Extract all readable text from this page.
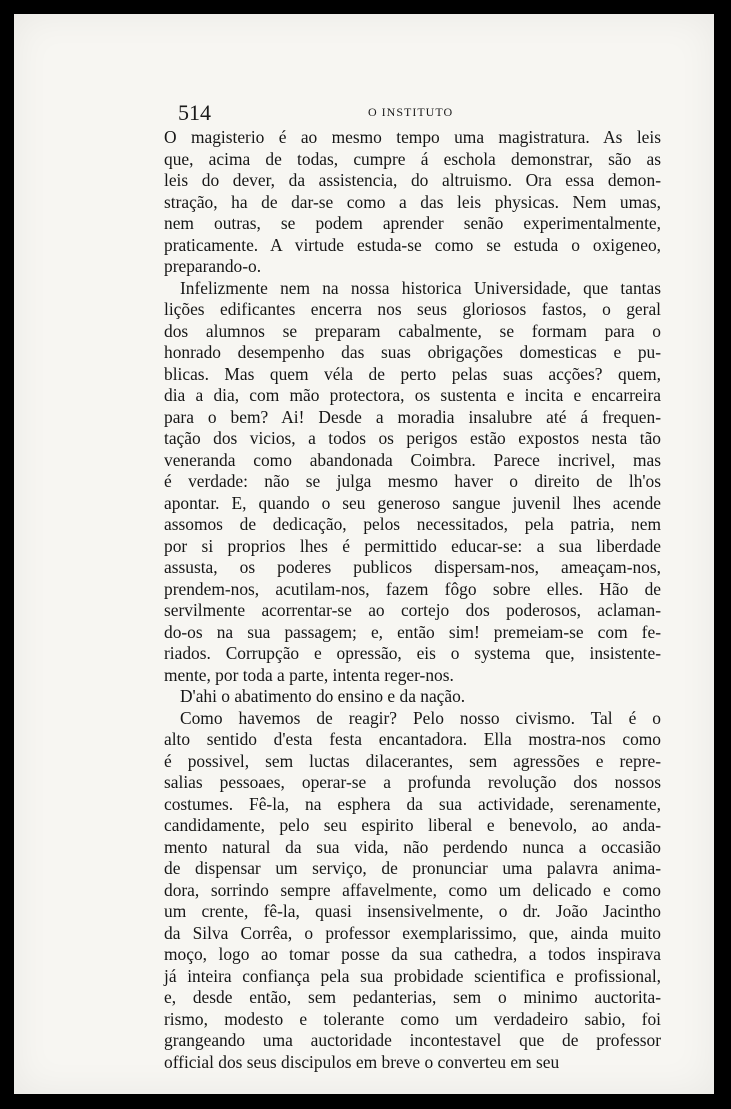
514	O INSTITUTO

O magisterio é ao mesmo tempo uma magistratura. As leis
que, acima de todas, cumpre á eschola demonstrar, são as
leis do dever, da assistencia, do altruismo. Ora essa demon-
stração, ha de dar-se como a das leis physicas. Nem umas,
nem outras, se podem aprender senão experimentalmente,
praticamente. A virtude estuda-se como se estuda o oxigeneo,
preparando-o.

Infelizmente nem na nossa historica Universidade, que tantas
lições edificantes encerra nos seus gloriosos fastos, o geral
dos alumnos se preparam cabalmente, se formam para o
honrado desempenho das suas obrigações domesticas e pu-
blicas. Mas quem véla de perto pelas suas acções? quem,
dia a dia, com mão protectora, os sustenta e incita e encarreira
para o bem? Ai! Desde a moradia insalubre até á frequen-
tação dos vicios, a todos os perigos estão expostos nesta tão
veneranda como abandonada Coimbra. Parece incrivel, mas
é verdade: não se julga mesmo haver o direito de lh'os
apontar. E, quando o seu generoso sangue juvenil lhes acende
assomos de dedicação, pelos necessitados, pela patria, nem
por si proprios lhes é permittido educar-se: a sua liberdade
assusta, os poderes publicos dispersam-nos, ameaçam-nos,
prendem-nos, acutilam-nos, fazem fôgo sobre elles. Hão de
servilmente acorrentar-se ao cortejo dos poderosos, aclaman-
do-os na sua passagem; e, então sim! premeiam-se com fe-
riados. Corrupção e opressão, eis o systema que, insistente-
mente, por toda a parte, intenta reger-nos.

D'ahi o abatimento do ensino e da nação.

Como havemos de reagir? Pelo nosso civismo. Tal é o
alto sentido d'esta festa encantadora. Ella mostra-nos como
é possivel, sem luctas dilacerantes, sem agressões e repre-
salias pessoaes, operar-se a profunda revolução dos nossos
costumes. Fê-la, na esphera da sua actividade, serenamente,
candidamente, pelo seu espirito liberal e benevolo, ao anda-
mento natural da sua vida, não perdendo nunca a occasião
de dispensar um serviço, de pronunciar uma palavra anima-
dora, sorrindo sempre affavelmente, como um delicado e como
um crente, fê-la, quasi insensivelmente, o dr. João Jacintho
da Silva Corrêa, o professor exemplarissimo, que, ainda muito
moço, logo ao tomar posse da sua cathedra, a todos inspirava
já inteira confiança pela sua probidade scientifica e profissional,
e, desde então, sem pedanterias, sem o minimo auctorita-
rismo, modesto e tolerante como um verdadeiro sabio, foi
grangeando uma auctoridade incontestavel que de professor
official dos seus discipulos em breve o converteu em seu
